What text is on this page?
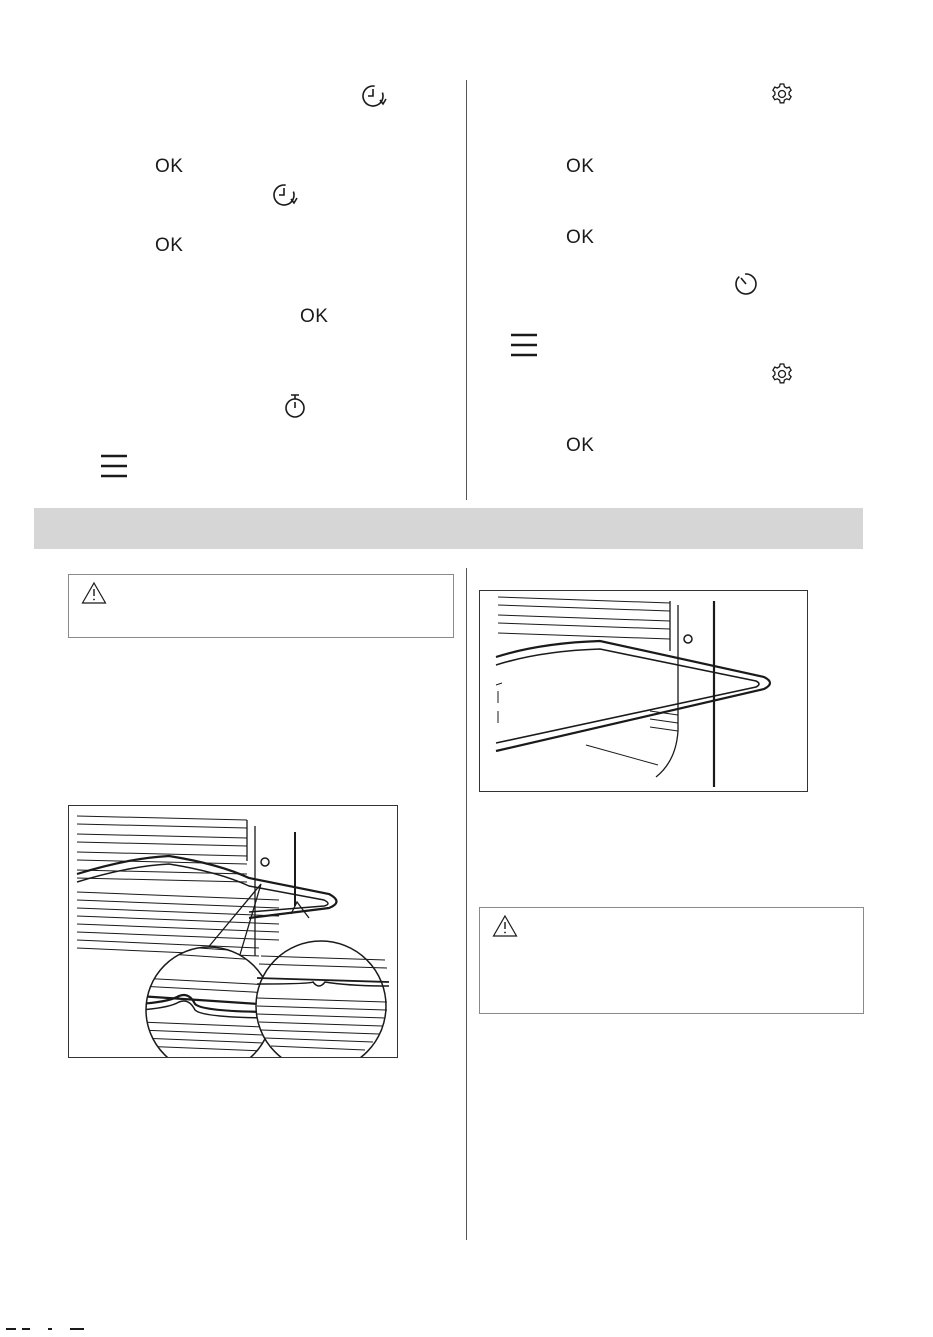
OK
OK
OK
OK
OK
OK
